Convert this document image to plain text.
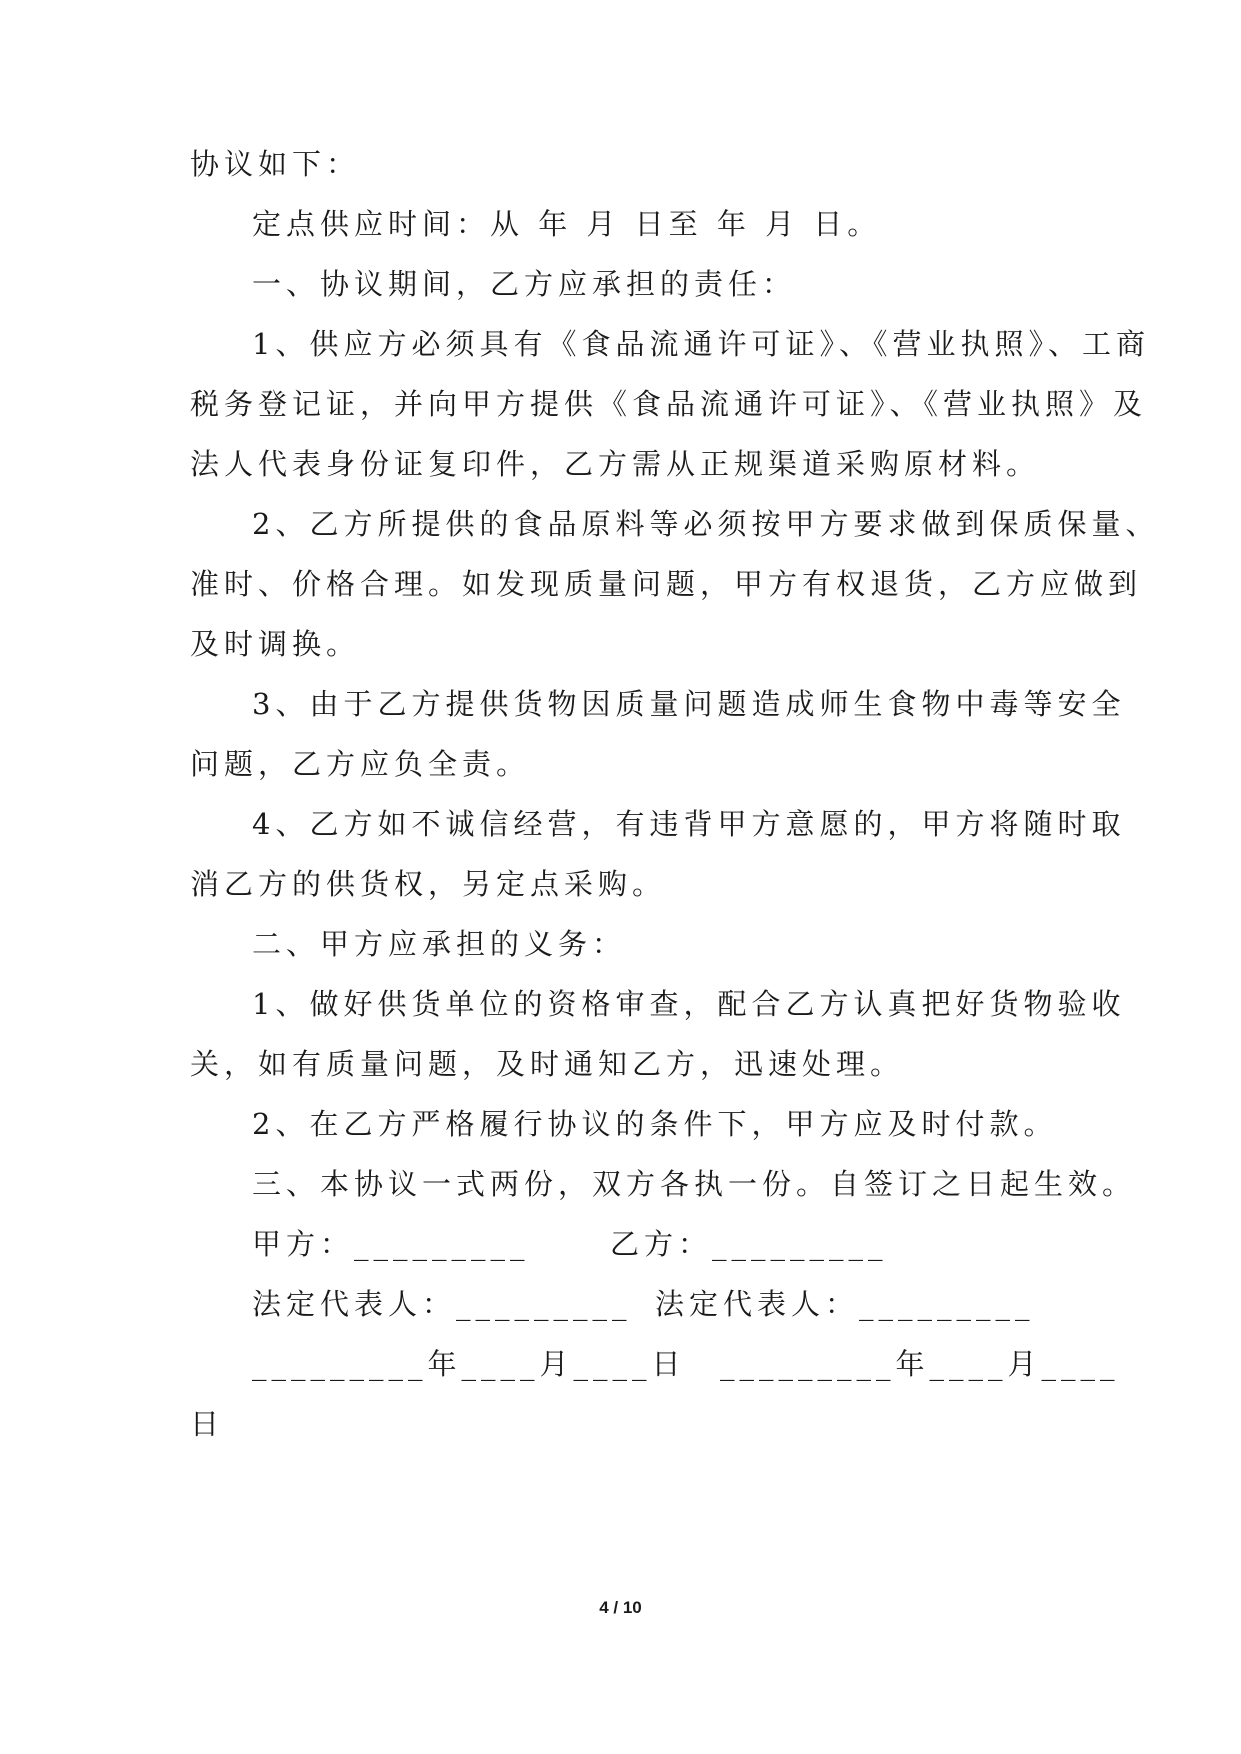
协议如下：
定点供应时间：从 年 月 日至 年 月 日。
一、协议期间，乙方应承担的责任：
1、供应方必须具有《食品流通许可证》、《营业执照》、工商
税务登记证，并向甲方提供《食品流通许可证》、《营业执照》及
法人代表身份证复印件，乙方需从正规渠道采购原材料。
2、乙方所提供的食品原料等必须按甲方要求做到保质保量、
准时、价格合理。如发现质量问题，甲方有权退货，乙方应做到
及时调换。
3、由于乙方提供货物因质量问题造成师生食物中毒等安全
问题，乙方应负全责。
4、乙方如不诚信经营，有违背甲方意愿的，甲方将随时取
消乙方的供货权，另定点采购。
二、甲方应承担的义务：
1、做好供货单位的资格审查，配合乙方认真把好货物验收
关，如有质量问题，及时通知乙方，迅速处理。
2、在乙方严格履行协议的条件下，甲方应及时付款。
三、本协议一式两份，双方各执一份。自签订之日起生效。
甲方：_________	乙方：_________
法定代表人：_________ 法定代表人：_________
_________年____月____日 _________年____月____
日
4 / 10
